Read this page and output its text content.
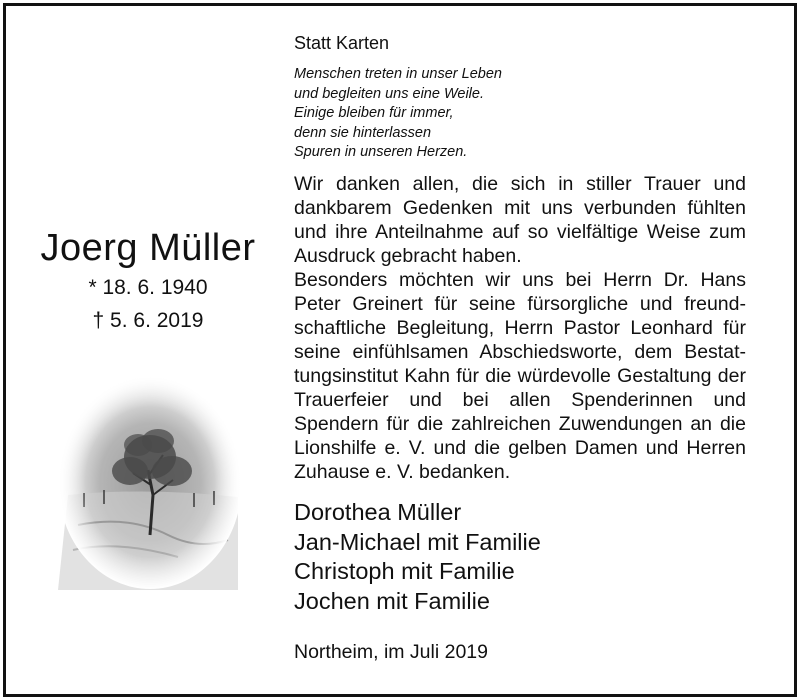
Joerg Müller
* 18. 6. 1940
† 5. 6. 2019
Statt Karten
Menschen treten in unser Leben
und begleiten uns eine Weile.
Einige bleiben für immer,
denn sie hinterlassen
Spuren in unseren Herzen.
Wir danken allen, die sich in stiller Trauer und dankbarem Gedenken mit uns verbunden fühlten und ihre Anteilnahme auf so vielfältige Weise zum Ausdruck gebracht haben.
Besonders möchten wir uns bei Herrn Dr. Hans Peter Greinert für seine fürsorgliche und freundschaftliche Begleitung, Herrn Pastor Leonhard für seine einfühlsamen Abschiedsworte, dem Bestattungsinstitut Kahn für die würdevolle Gestaltung der Trauerfeier und bei allen Spenderinnen und Spendern für die zahlreichen Zuwendungen an die Lionshilfe e. V. und die gelben Damen und Herren Zuhause e. V. bedanken.
Dorothea Müller
Jan-Michael mit Familie
Christoph mit Familie
Jochen mit Familie
Northeim, im Juli 2019
